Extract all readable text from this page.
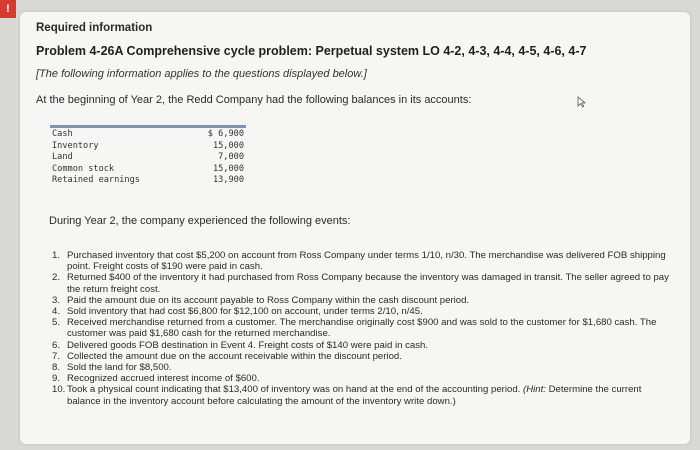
!
Required information
Problem 4-26A Comprehensive cycle problem: Perpetual system LO 4-2, 4-3, 4-4, 4-5, 4-6, 4-7
[The following information applies to the questions displayed below.]
At the beginning of Year 2, the Redd Company had the following balances in its accounts:
Cash	$ 6,900
Inventory	15,000
Land	7,000
Common stock	15,000
Retained earnings	13,900
During Year 2, the company experienced the following events:
1. Purchased inventory that cost $5,200 on account from Ross Company under terms 1/10, n/30. The merchandise was delivered FOB shipping point. Freight costs of $190 were paid in cash.
2. Returned $400 of the inventory it had purchased from Ross Company because the inventory was damaged in transit. The seller agreed to pay the return freight cost.
3. Paid the amount due on its account payable to Ross Company within the cash discount period.
4. Sold inventory that had cost $6,800 for $12,100 on account, under terms 2/10, n/45.
5. Received merchandise returned from a customer. The merchandise originally cost $900 and was sold to the customer for $1,680 cash. The customer was paid $1,680 cash for the returned merchandise.
6. Delivered goods FOB destination in Event 4. Freight costs of $140 were paid in cash.
7. Collected the amount due on the account receivable within the discount period.
8. Sold the land for $8,500.
9. Recognized accrued interest income of $600.
10. Took a physical count indicating that $13,400 of inventory was on hand at the end of the accounting period. (Hint: Determine the current balance in the inventory account before calculating the amount of the inventory write down.)
